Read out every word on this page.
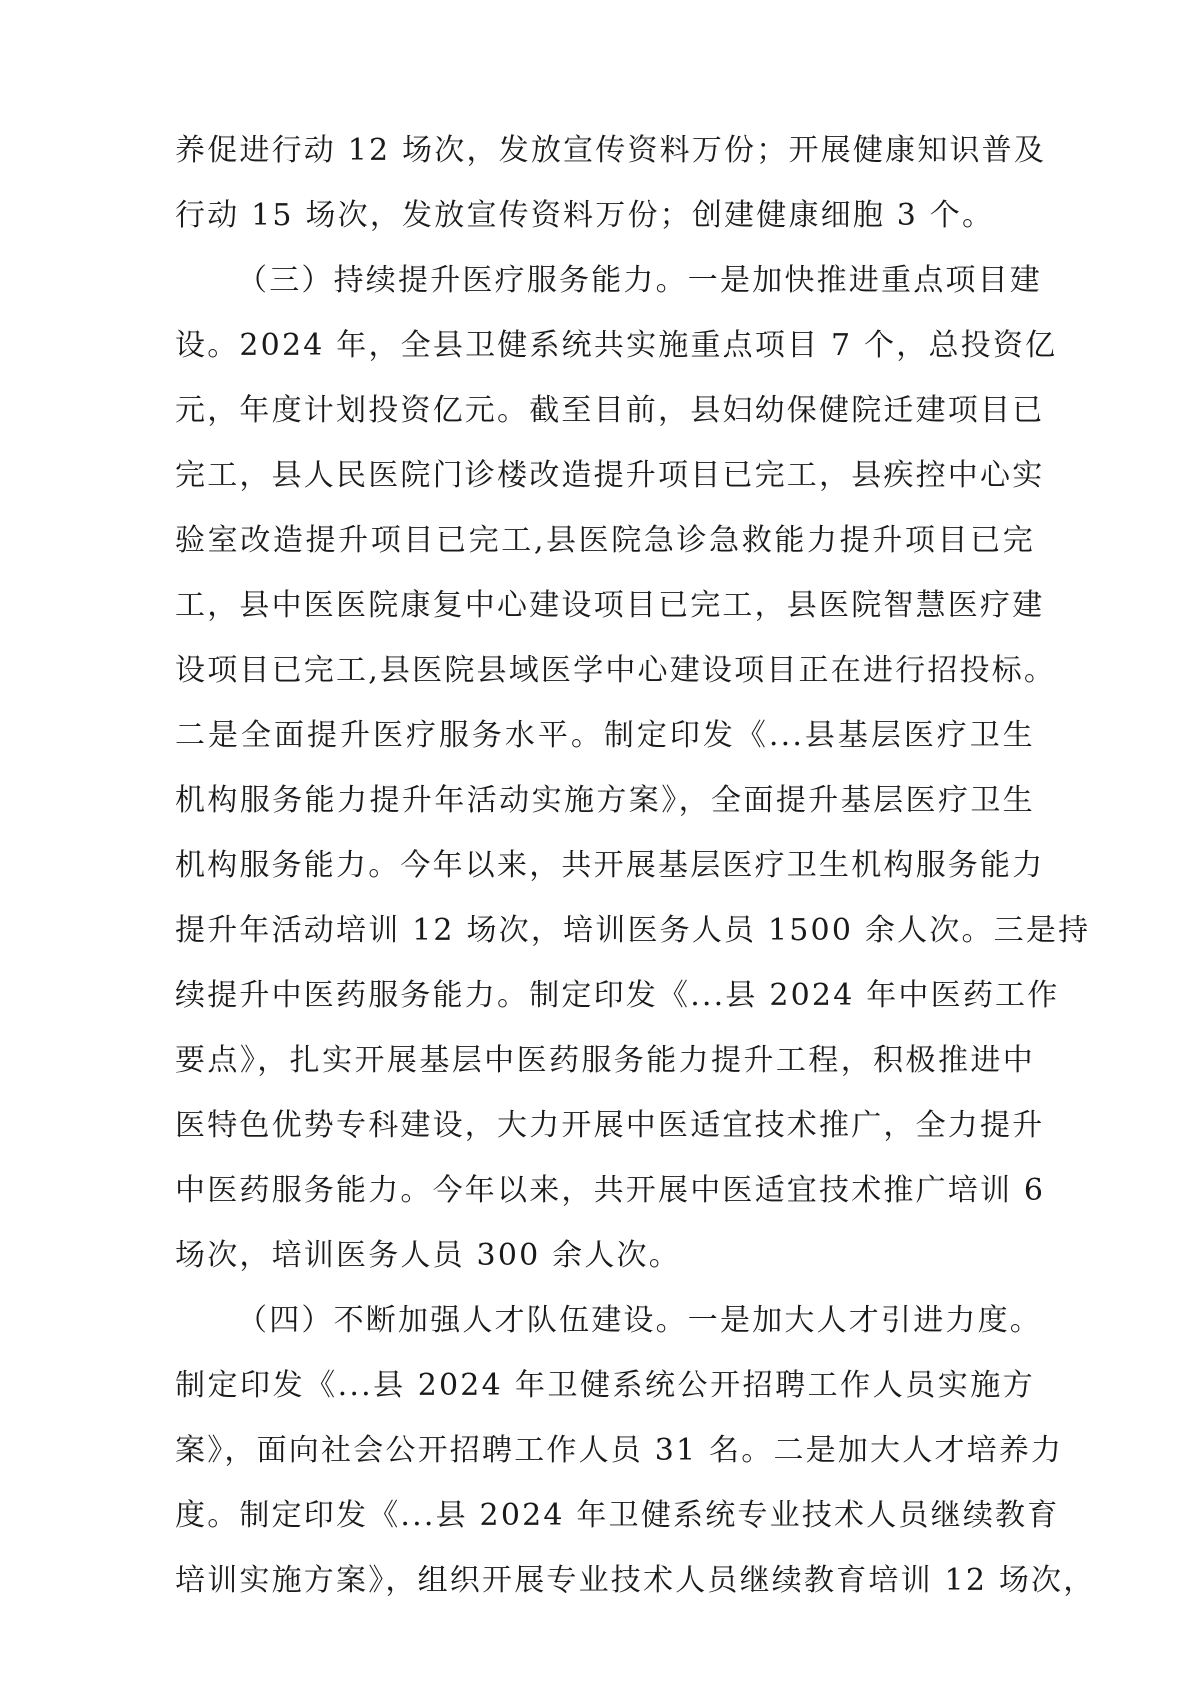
养促进行动 12 场次，发放宣传资料万份；开展健康知识普及
行动 15 场次，发放宣传资料万份；创建健康细胞 3 个。
（三）持续提升医疗服务能力。一是加快推进重点项目建
设。2024 年，全县卫健系统共实施重点项目 7 个，总投资亿
元，年度计划投资亿元。截至目前，县妇幼保健院迁建项目已
完工，县人民医院门诊楼改造提升项目已完工，县疾控中心实
验室改造提升项目已完工,县医院急诊急救能力提升项目已完
工，县中医医院康复中心建设项目已完工，县医院智慧医疗建
设项目已完工,县医院县域医学中心建设项目正在进行招投标。
二是全面提升医疗服务水平。制定印发《...县基层医疗卫生
机构服务能力提升年活动实施方案》，全面提升基层医疗卫生
机构服务能力。今年以来，共开展基层医疗卫生机构服务能力
提升年活动培训 12 场次，培训医务人员 1500 余人次。三是持
续提升中医药服务能力。制定印发《...县 2024 年中医药工作
要点》，扎实开展基层中医药服务能力提升工程，积极推进中
医特色优势专科建设，大力开展中医适宜技术推广，全力提升
中医药服务能力。今年以来，共开展中医适宜技术推广培训 6
场次，培训医务人员 300 余人次。
（四）不断加强人才队伍建设。一是加大人才引进力度。
制定印发《...县 2024 年卫健系统公开招聘工作人员实施方
案》，面向社会公开招聘工作人员 31 名。二是加大人才培养力
度。制定印发《...县 2024 年卫健系统专业技术人员继续教育
培训实施方案》，组织开展专业技术人员继续教育培训 12 场次，
